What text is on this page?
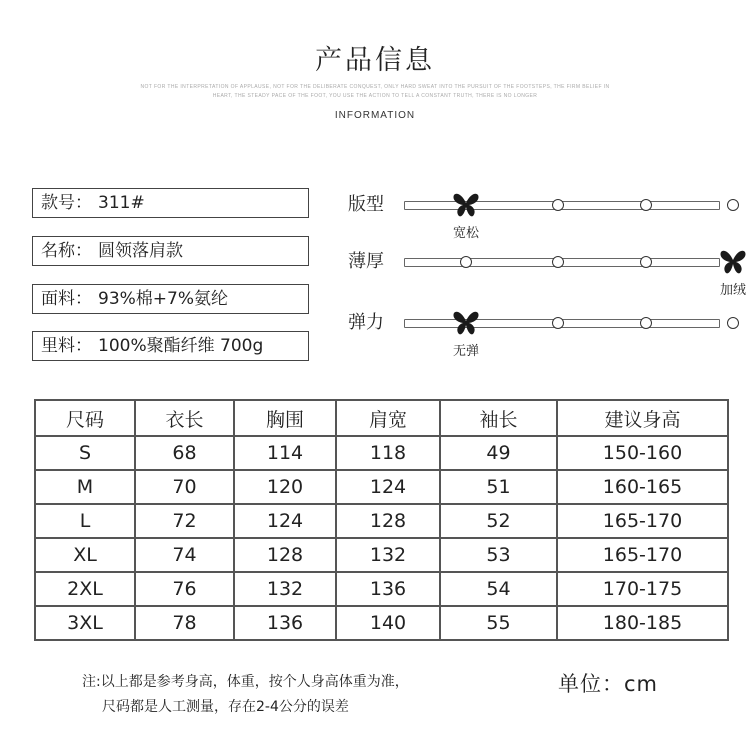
产品信息
NOT FOR THE INTERPRETATION OF APPLAUSE, NOT FOR THE DELIBERATE CONQUEST, ONLY HARD SWEAT INTO THE PURSUIT OF THE FOOTSTEPS, THE FIRM BELIEF IN
HEART, THE STEADY PACE OF THE FOOT, YOU USE THE ACTION TO TELL A CONSTANT TRUTH, THERE IS NO LONGER
INFORMATION
款号： 311#
名称： 圆领落肩款
面料： 93%棉+7%氨纶
里料： 100%聚酯纤维 700g
版型
宽松
薄厚
加绒
弹力
无弹
尺码	衣长	胸围	肩宽	袖长	建议身高
S	68	114	118	49	150-160
M	70	120	124	51	160-165
L	72	124	128	52	165-170
XL	74	128	132	53	165-170
2XL	76	132	136	54	170-175
3XL	78	136	140	55	180-185
注:以上都是参考身高，体重，按个人身高体重为准，
尺码都是人工测量，存在2-4公分的误差
单位：cm
